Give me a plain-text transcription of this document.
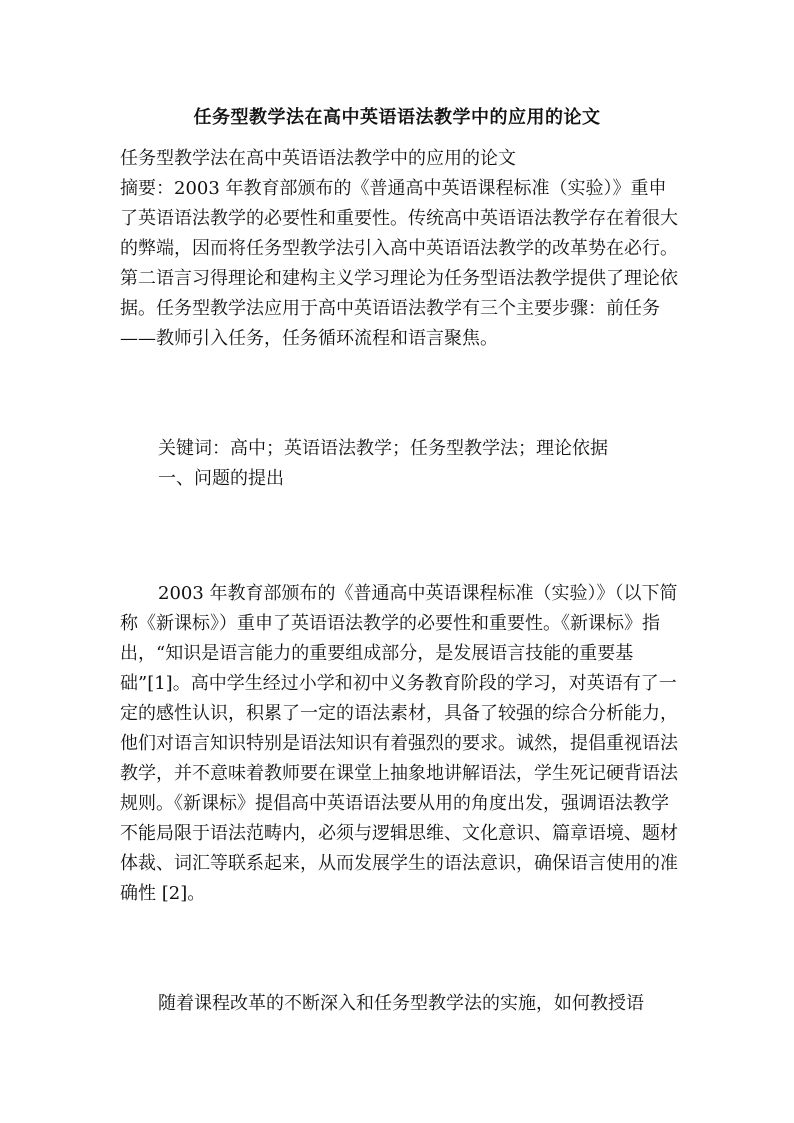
任务型教学法在高中英语语法教学中的应用的论文

任务型教学法在高中英语语法教学中的应用的论文

摘要：2003 年教育部颁布的《普通高中英语课程标准（实验）》重申了英语语法教学的必要性和重要性。传统高中英语语法教学存在着很大的弊端，因而将任务型教学法引入高中英语语法教学的改革势在必行。第二语言习得理论和建构主义学习理论为任务型语法教学提供了理论依据。任务型教学法应用于高中英语语法教学有三个主要步骤：前任务——教师引入任务，任务循环流程和语言聚焦。

关键词：高中；英语语法教学；任务型教学法；理论依据

一、问题的提出

2003 年教育部颁布的《普通高中英语课程标准（实验）》（以下简称《新课标》）重申了英语语法教学的必要性和重要性。《新课标》指出，“知识是语言能力的重要组成部分，是发展语言技能的重要基础”[1]。高中学生经过小学和初中义务教育阶段的学习，对英语有了一定的感性认识，积累了一定的语法素材，具备了较强的综合分析能力，他们对语言知识特别是语法知识有着强烈的要求。诚然，提倡重视语法教学，并不意味着教师要在课堂上抽象地讲解语法，学生死记硬背语法规则。《新课标》提倡高中英语语法要从用的角度出发，强调语法教学不能局限于语法范畴内，必须与逻辑思维、文化意识、篇章语境、题材体裁、词汇等联系起来，从而发展学生的语法意识，确保语言使用的准确性 [2]。

随着课程改革的不断深入和任务型教学法的实施，如何教授语
